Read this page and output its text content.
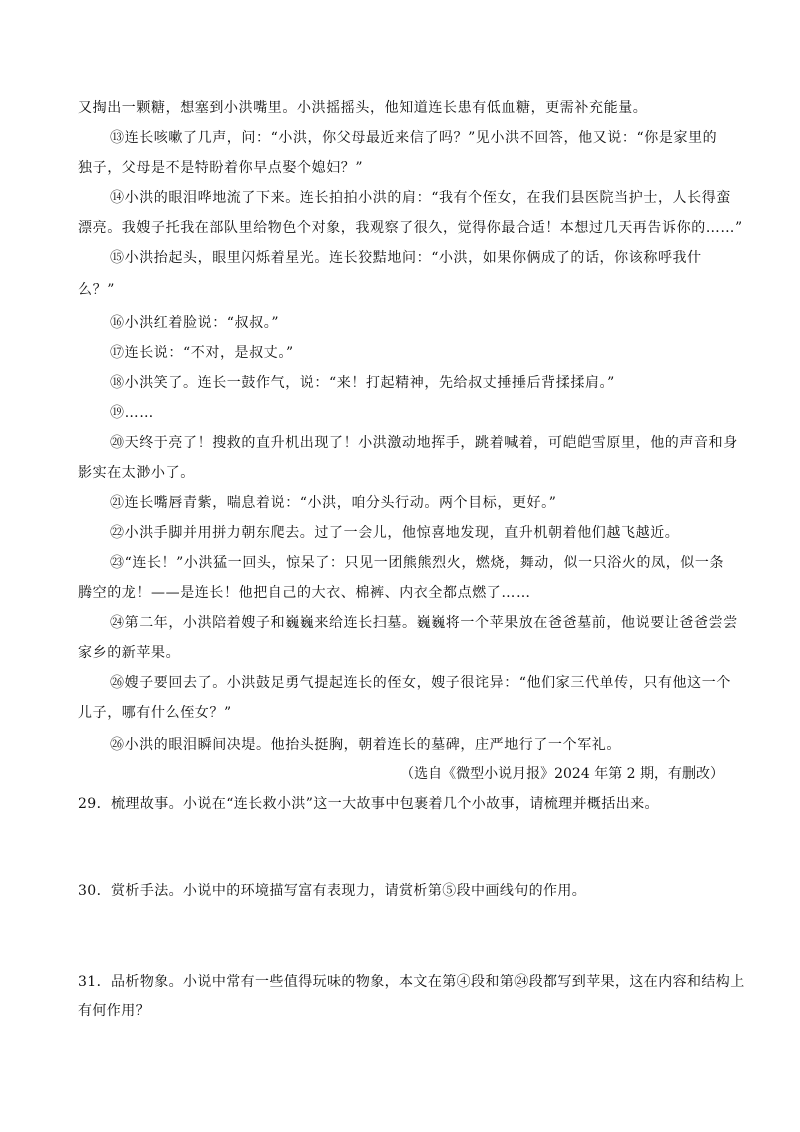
又掏出一颗糖，想塞到小洪嘴里。小洪摇摇头，他知道连长患有低血糖，更需补充能量。
⑬连长咳嗽了几声，问：“小洪，你父母最近来信了吗？”见小洪不回答，他又说：“你是家里的
独子，父母是不是特盼着你早点娶个媳妇？”
⑭小洪的眼泪哗地流了下来。连长拍拍小洪的肩：“我有个侄女，在我们县医院当护士，人长得蛮
漂亮。我嫂子托我在部队里给物色个对象，我观察了很久，觉得你最合适！本想过几天再告诉你的……”
⑮小洪抬起头，眼里闪烁着星光。连长狡黠地问：“小洪，如果你俩成了的话，你该称呼我什
么？”
⑯小洪红着脸说：“叔叔。”
⑰连长说：“不对，是叔丈。”
⑱小洪笑了。连长一鼓作气，说：“来！打起精神，先给叔丈捶捶后背揉揉肩。”
⑲……
⑳天终于亮了！搜救的直升机出现了！小洪激动地挥手，跳着喊着，可皑皑雪原里，他的声音和身
影实在太渺小了。
㉑连长嘴唇青紫，喘息着说：“小洪，咱分头行动。两个目标，更好。”
㉒小洪手脚并用拼力朝东爬去。过了一会儿，他惊喜地发现，直升机朝着他们越飞越近。
㉓“连长！”小洪猛一回头，惊呆了：只见一团熊熊烈火，燃烧，舞动，似一只浴火的凤，似一条
腾空的龙！——是连长！他把自己的大衣、棉裤、内衣全都点燃了……
㉔第二年，小洪陪着嫂子和巍巍来给连长扫墓。巍巍将一个苹果放在爸爸墓前，他说要让爸爸尝尝
家乡的新苹果。
㉖嫂子要回去了。小洪鼓足勇气提起连长的侄女，嫂子很诧异：“他们家三代单传，只有他这一个
儿子，哪有什么侄女？”
㉖小洪的眼泪瞬间决堤。他抬头挺胸，朝着连长的墓碑，庄严地行了一个军礼。
（选自《微型小说月报》2024 年第 2 期，有删改）
29．梳理故事。小说在“连长救小洪”这一大故事中包裹着几个小故事，请梳理并概括出来。
30．赏析手法。小说中的环境描写富有表现力，请赏析第⑤段中画线句的作用。
31．品析物象。小说中常有一些值得玩味的物象，本文在第④段和第㉔段都写到苹果，这在内容和结构上
有何作用？
